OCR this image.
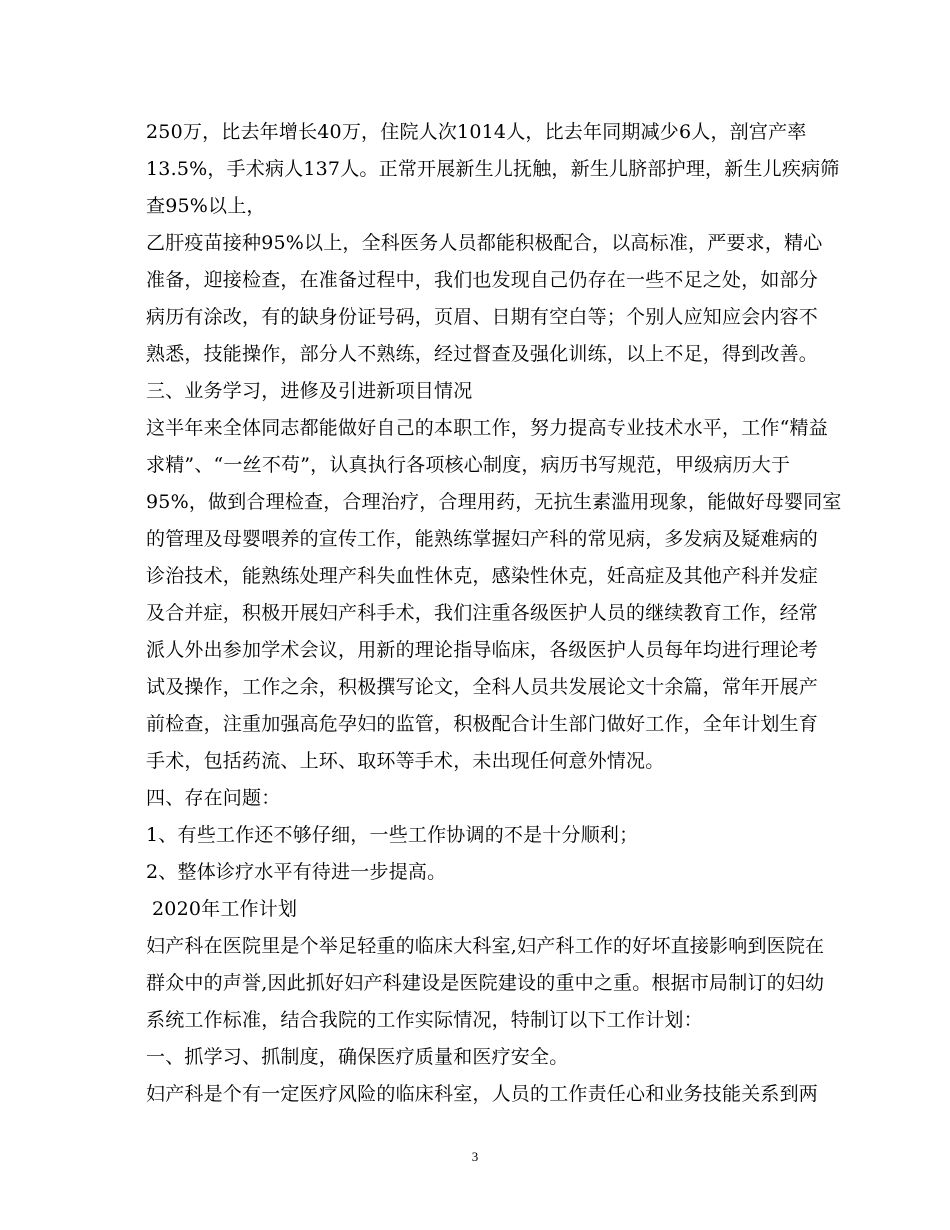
250万，比去年增长40万，住院人次1014人，比去年同期减少6人，剖宫产率
13.5%，手术病人137人。正常开展新生儿抚触，新生儿脐部护理，新生儿疾病筛
查95%以上，
乙肝疫苗接种95%以上，全科医务人员都能积极配合，以高标准，严要求，精心
准备，迎接检查，在准备过程中，我们也发现自己仍存在一些不足之处，如部分
病历有涂改，有的缺身份证号码，页眉、日期有空白等；个别人应知应会内容不
熟悉，技能操作，部分人不熟练，经过督查及强化训练，以上不足，得到改善。
三、业务学习，进修及引进新项目情况
这半年来全体同志都能做好自己的本职工作，努力提高专业技术水平，工作“精益
求精”、“一丝不苟”，认真执行各项核心制度，病历书写规范，甲级病历大于
95%，做到合理检查，合理治疗，合理用药，无抗生素滥用现象，能做好母婴同室
的管理及母婴喂养的宣传工作，能熟练掌握妇产科的常见病，多发病及疑难病的
诊治技术，能熟练处理产科失血性休克，感染性休克，妊高症及其他产科并发症
及合并症，积极开展妇产科手术，我们注重各级医护人员的继续教育工作，经常
派人外出参加学术会议，用新的理论指导临床，各级医护人员每年均进行理论考
试及操作，工作之余，积极撰写论文，全科人员共发展论文十余篇，常年开展产
前检查，注重加强高危孕妇的监管，积极配合计生部门做好工作，全年计划生育
手术，包括药流、上环、取环等手术，未出现任何意外情况。
四、存在问题：
1、有些工作还不够仔细，一些工作协调的不是十分顺利；
2、整体诊疗水平有待进一步提高。
2020年工作计划
妇产科在医院里是个举足轻重的临床大科室,妇产科工作的好坏直接影响到医院在
群众中的声誉,因此抓好妇产科建设是医院建设的重中之重。根据市局制订的妇幼
系统工作标准，结合我院的工作实际情况，特制订以下工作计划：
一、抓学习、抓制度，确保医疗质量和医疗安全。
妇产科是个有一定医疗风险的临床科室，人员的工作责任心和业务技能关系到两
3
